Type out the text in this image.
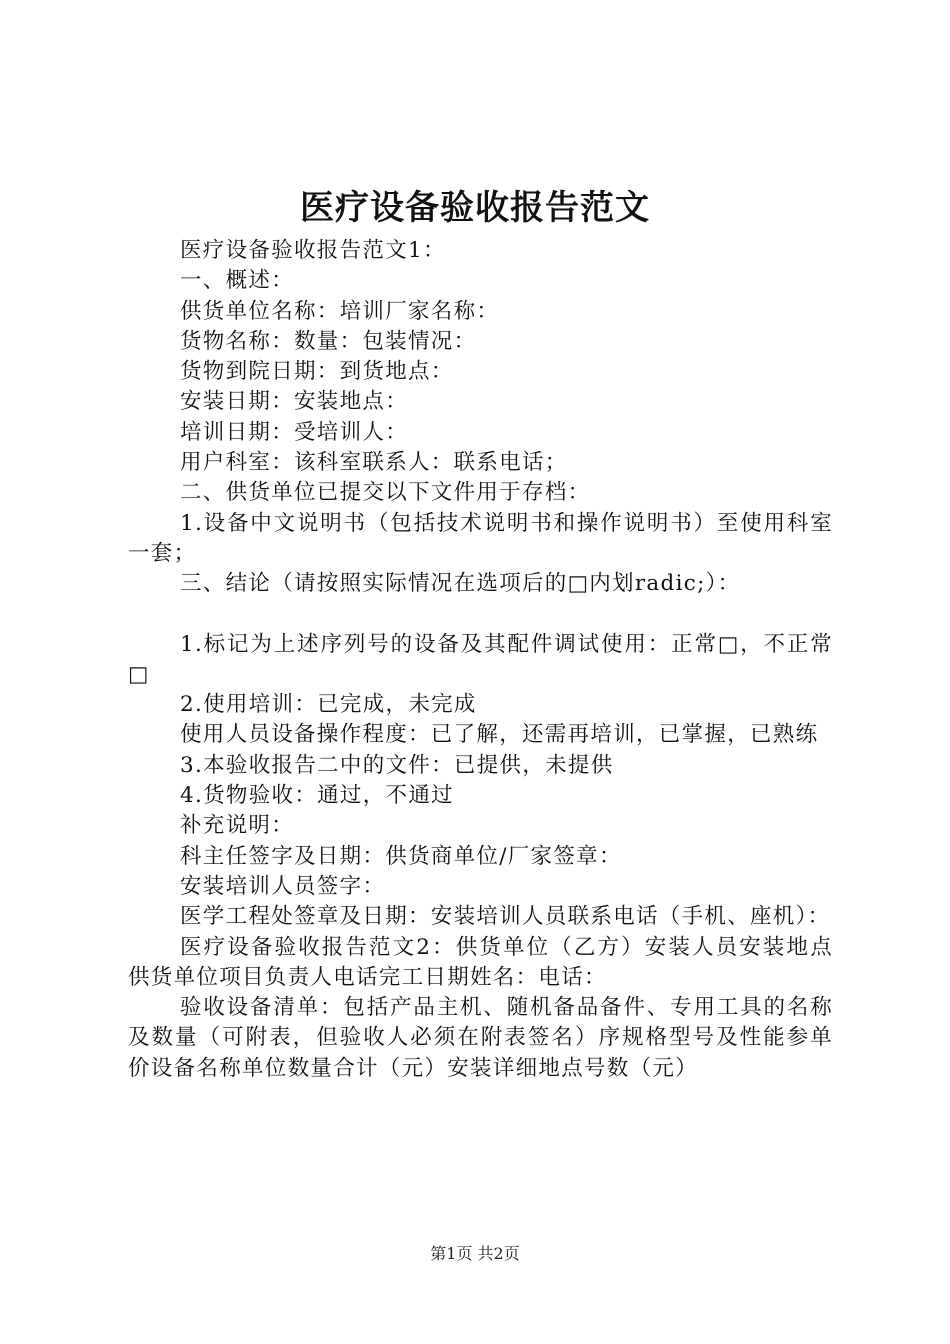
医疗设备验收报告范文

医疗设备验收报告范文1：

一、概述：

供货单位名称：培训厂家名称：

货物名称：数量：包装情况：

货物到院日期：到货地点：

安装日期：安装地点：

培训日期：受培训人：

用户科室：该科室联系人：联系电话；

二、供货单位已提交以下文件用于存档：

1.设备中文说明书（包括技术说明书和操作说明书）至使用科室一套；

三、结论（请按照实际情况在选项后的□内划radic;）：

1.标记为上述序列号的设备及其配件调试使用：正常□，不正常□

2.使用培训：已完成，未完成

使用人员设备操作程度：已了解，还需再培训，已掌握，已熟练

3.本验收报告二中的文件：已提供，未提供

4.货物验收：通过，不通过

补充说明：

科主任签字及日期：供货商单位/厂家签章：

安装培训人员签字：

医学工程处签章及日期：安装培训人员联系电话（手机、座机）：

医疗设备验收报告范文2：供货单位（乙方）安装人员安装地点供货单位项目负责人电话完工日期姓名：电话：

验收设备清单：包括产品主机、随机备品备件、专用工具的名称及数量（可附表，但验收人必须在附表签名）序规格型号及性能参单价设备名称单位数量合计（元）安装详细地点号数（元）

第1页 共2页
